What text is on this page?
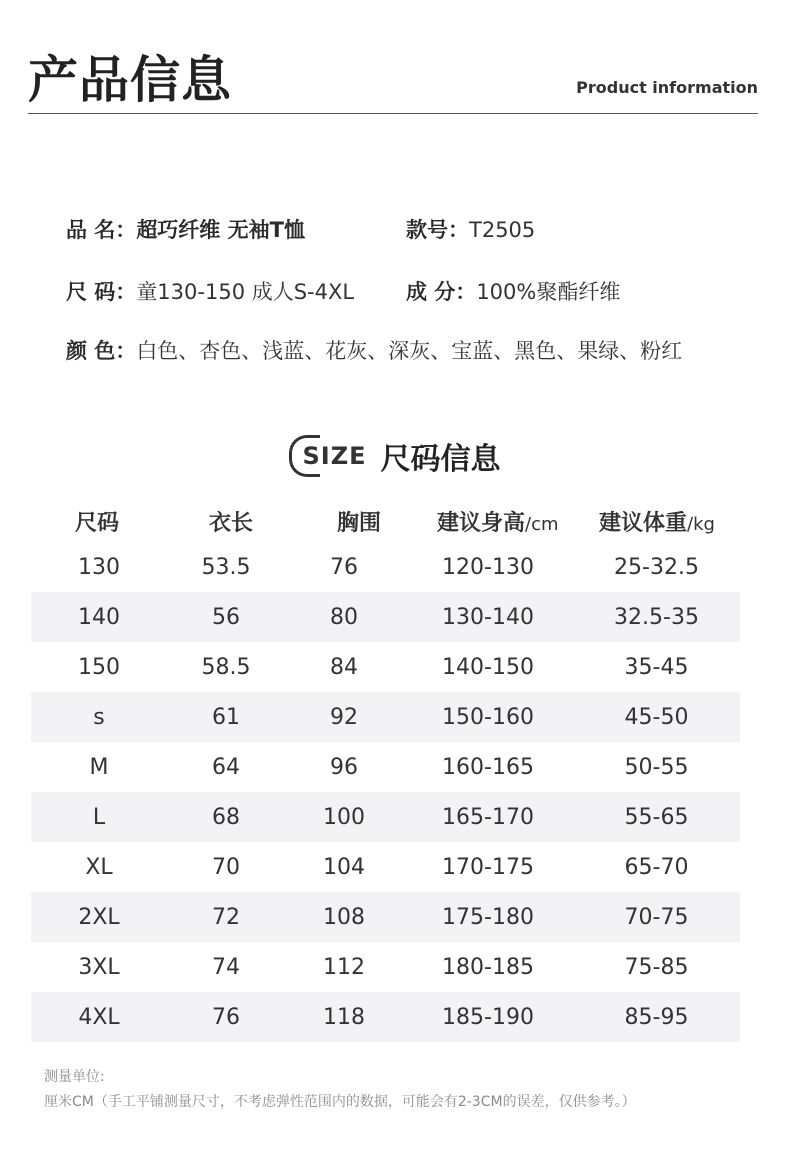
产品信息	Product information
品 名：超巧纤维 无袖T恤	款号：T2505
尺 码：童130-150 成人S-4XL 成 分：100%聚酯纤维
颜 色：白色、杏色、浅蓝、花灰、深灰、宝蓝、黑色、果绿、粉红
SIZE 尺码信息
尺码	衣长	胸围	建议身高/cm	建议体重/kg
130	53.5	76	120-130	25-32.5
140	56	80	130-140	32.5-35
150	58.5	84	140-150	35-45
s	61	92	150-160	45-50
M	64	96	160-165	50-55
L	68	100	165-170	55-65
XL	70	104	170-175	65-70
2XL	72	108	175-180	70-75
3XL	74	112	180-185	75-85
4XL	76	118	185-190	85-95
测量单位:
厘米CM（手工平铺测量尺寸，不考虑弹性范围内的数据，可能会有2-3CM的误差，仅供参考。）
